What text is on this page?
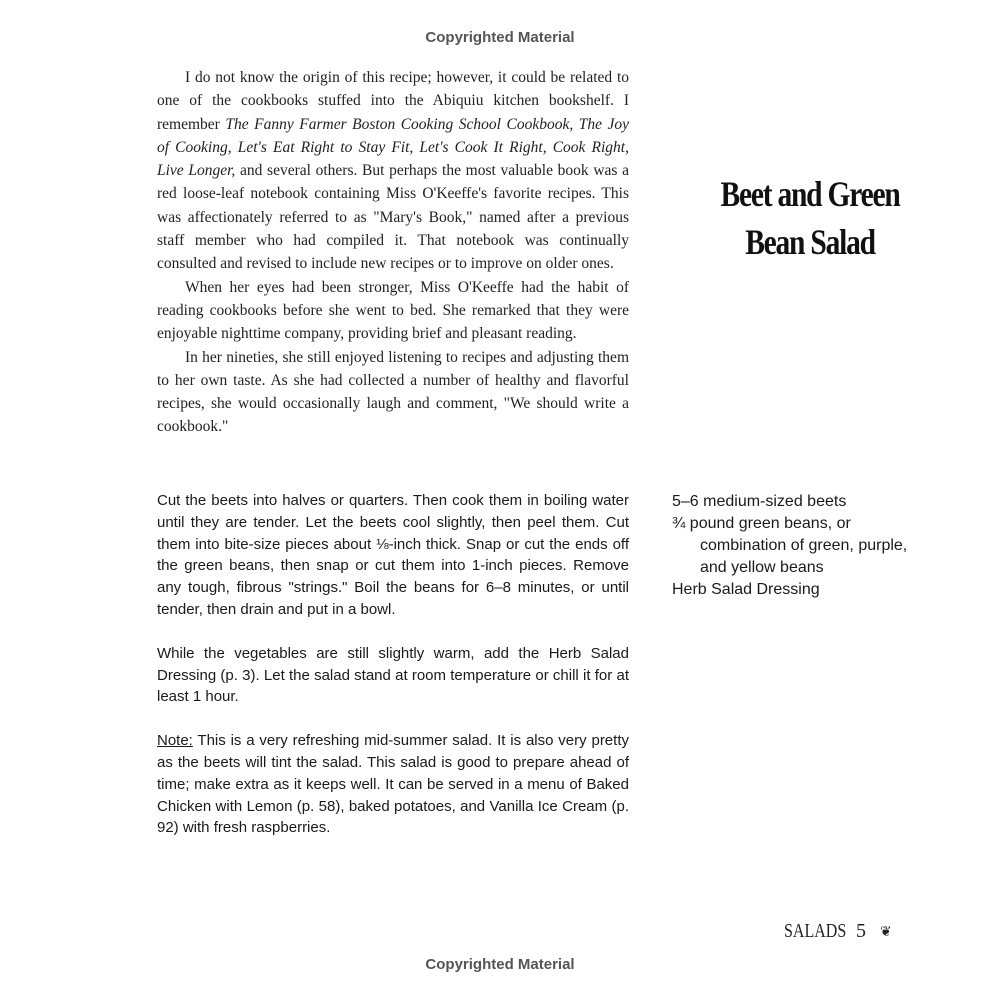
Copyrighted Material

I do not know the origin of this recipe; however, it could be related to one of the cookbooks stuffed into the Abiquiu kitchen bookshelf. I remember The Fanny Farmer Boston Cooking School Cookbook, The Joy of Cooking, Let's Eat Right to Stay Fit, Let's Cook It Right, Cook Right, Live Longer, and several others. But perhaps the most valuable book was a red loose-leaf notebook containing Miss O'Keeffe's favorite recipes. This was affectionately referred to as "Mary's Book," named after a previous staff member who had compiled it. That notebook was continually consulted and revised to include new recipes or to improve on older ones.

When her eyes had been stronger, Miss O'Keeffe had the habit of reading cookbooks before she went to bed. She remarked that they were enjoyable nighttime company, providing brief and pleasant reading.

In her nineties, she still enjoyed listening to recipes and adjusting them to her own taste. As she had collected a number of healthy and flavorful recipes, she would occasionally laugh and comment, "We should write a cookbook."

Beet and Green
Bean Salad

Cut the beets into halves or quarters. Then cook them in boiling water until they are tender. Let the beets cool slightly, then peel them. Cut them into bite-size pieces about ⅛-inch thick. Snap or cut the ends off the green beans, then snap or cut them into 1-inch pieces. Remove any tough, fibrous "strings." Boil the beans for 6–8 minutes, or until tender, then drain and put in a bowl.

While the vegetables are still slightly warm, add the Herb Salad Dressing (p. 3). Let the salad stand at room temperature or chill it for at least 1 hour.

Note: This is a very refreshing mid-summer salad. It is also very pretty as the beets will tint the salad. This salad is good to prepare ahead of time; make extra as it keeps well. It can be served in a menu of Baked Chicken with Lemon (p. 58), baked potatoes, and Vanilla Ice Cream (p. 92) with fresh raspberries.

5–6 medium-sized beets
¾ pound green beans, or combination of green, purple, and yellow beans
Herb Salad Dressing
SALADS 5 ❦
Copyrighted Material
